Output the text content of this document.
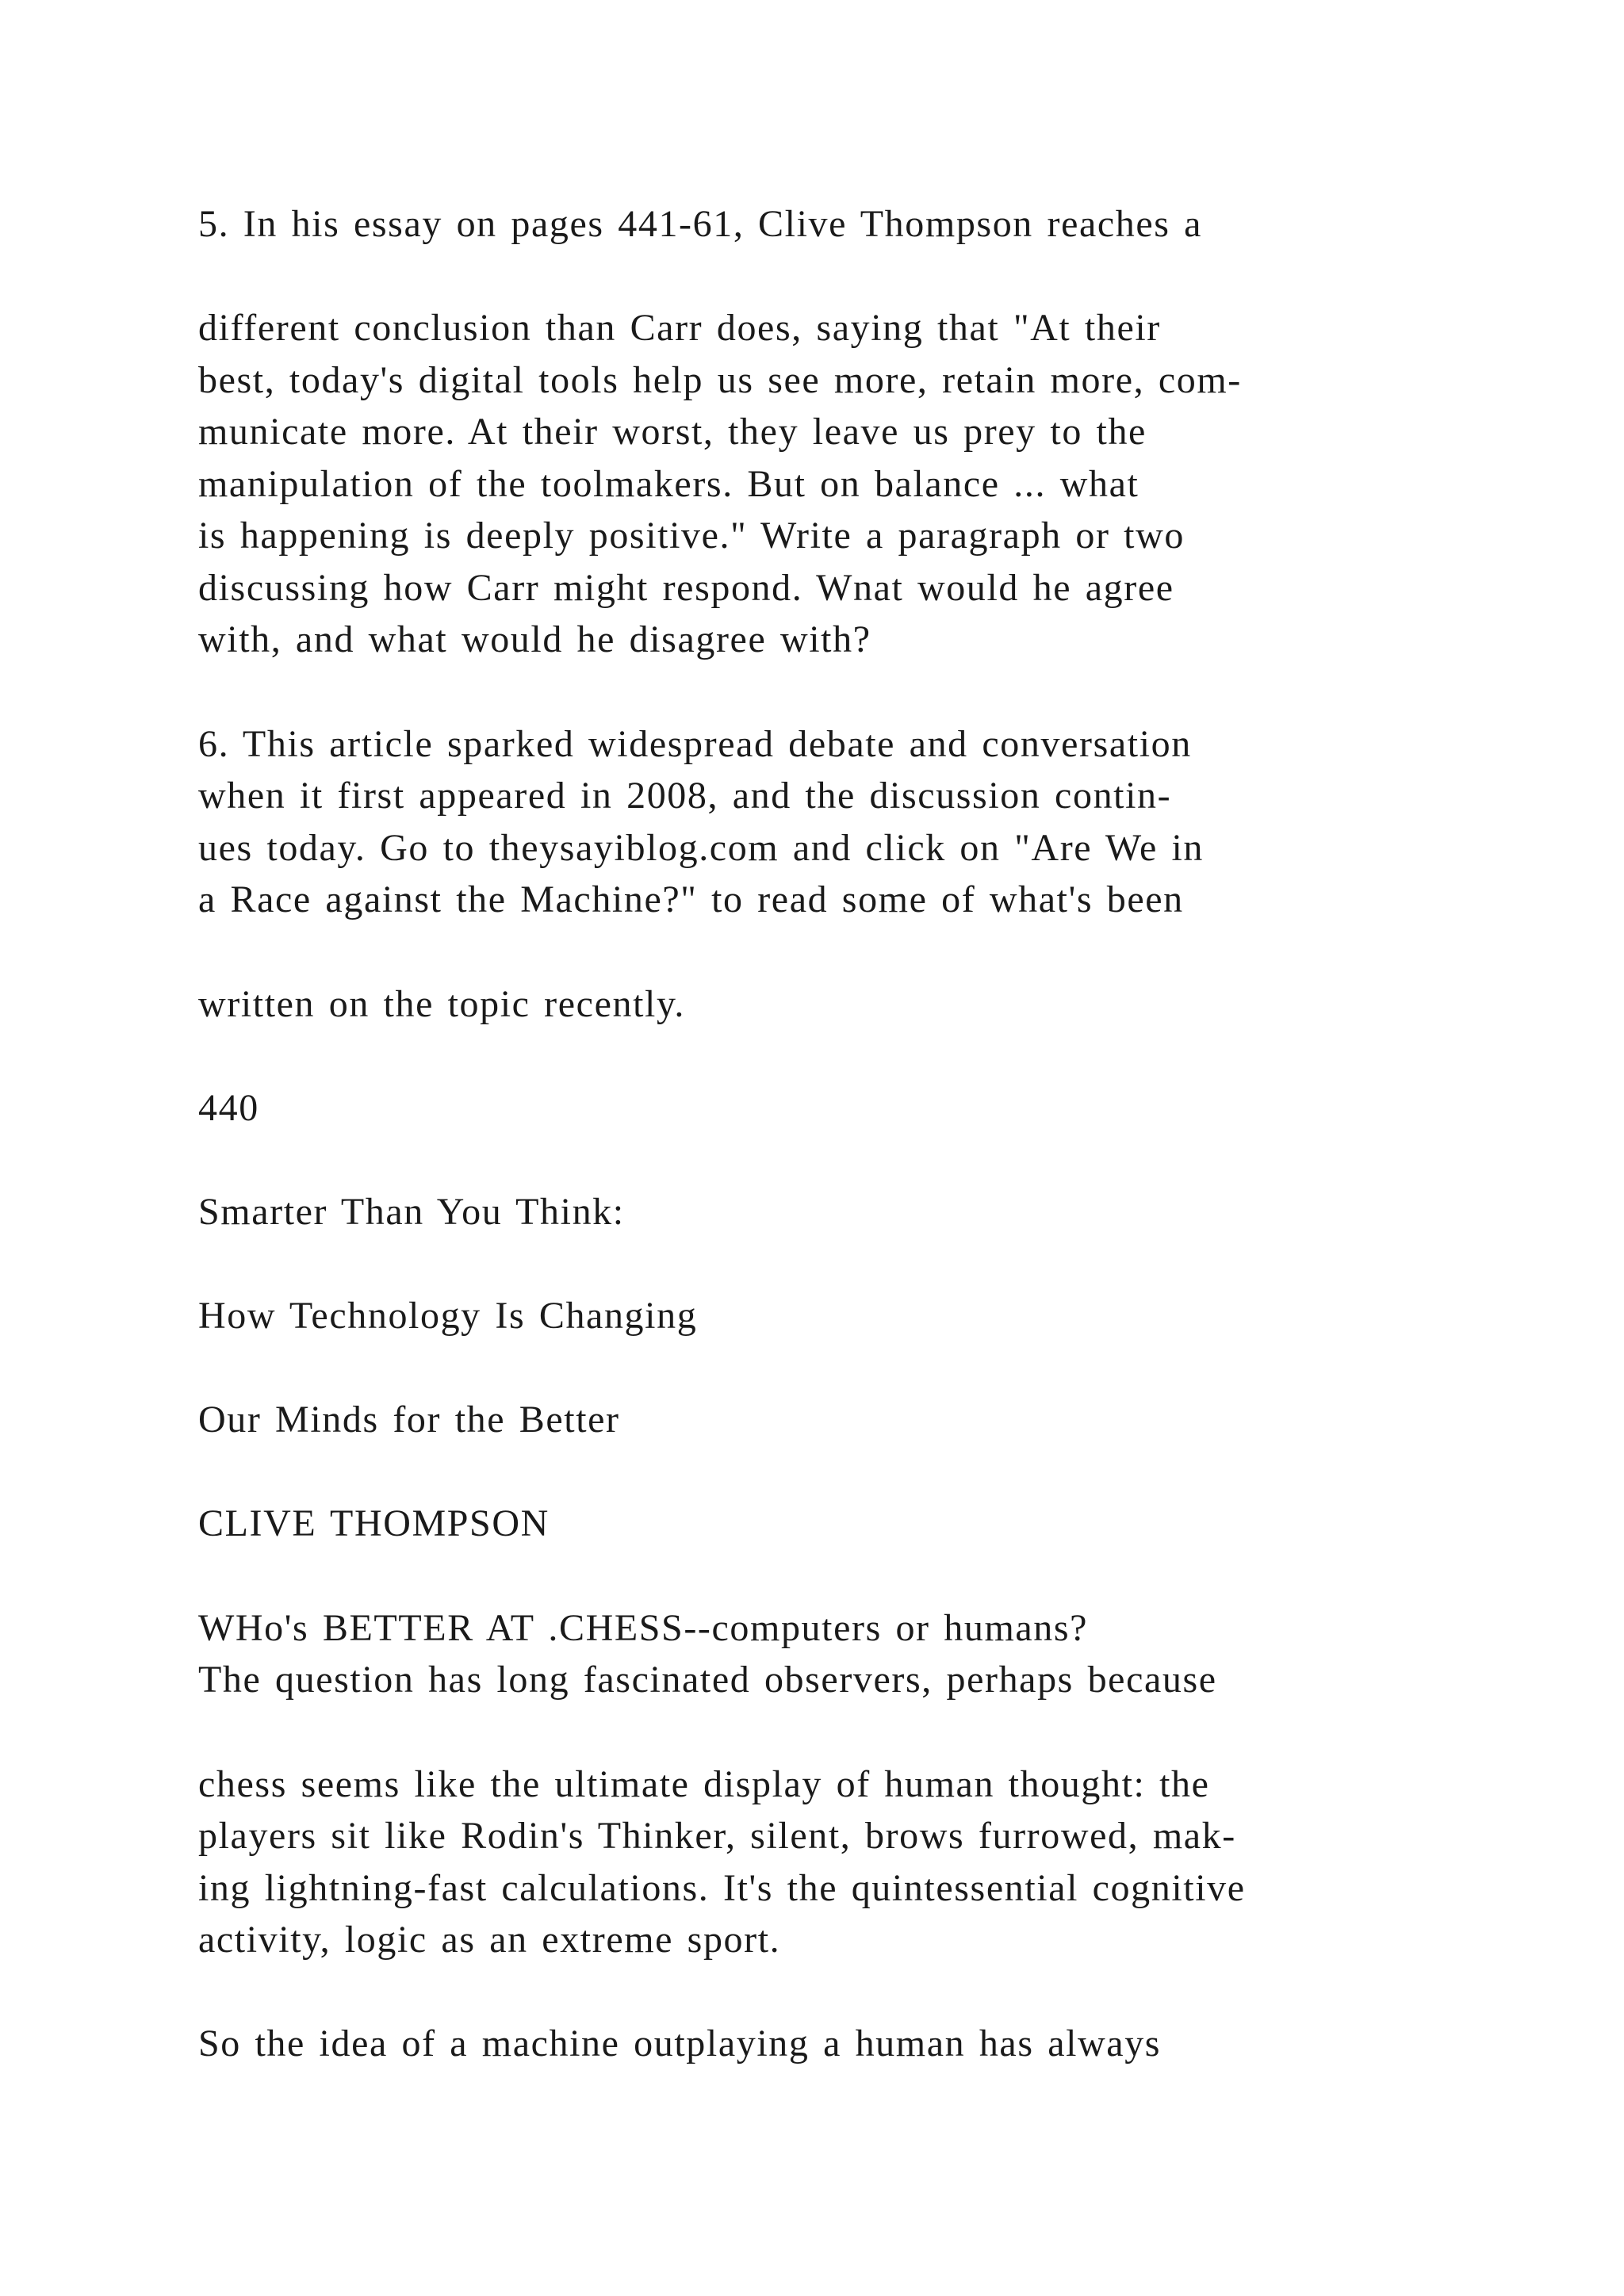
5. In his essay on pages 441-61, Clive Thompson reaches a
different conclusion than Carr does, saying that "At their
best, today's digital tools help us see more, retain more, com-
municate more. At their worst, they leave us prey to the
manipulation of the toolmakers. But on balance ... what
is happening is deeply positive." Write a paragraph or two
discussing how Carr might respond. Wnat would he agree
with, and what would he disagree with?
6. This article sparked widespread debate and conversation
when it first appeared in 2008, and the discussion contin-
ues today. Go to theysayiblog.com and click on "Are We in
a Race against the Machine?" to read some of what's been
written on the topic recently.
440
Smarter Than You Think:
How Technology Is Changing
Our Minds for the Better
CLIVE THOMPSON
WHo's BETTER AT .CHESS--computers or humans?
The question has long fascinated observers, perhaps because
chess seems like the ultimate display of human thought: the
players sit like Rodin's Thinker, silent, brows furrowed, mak-
ing lightning-fast calculations. It's the quintessential cognitive
activity, logic as an extreme sport.
So the idea of a machine outplaying a human has always
